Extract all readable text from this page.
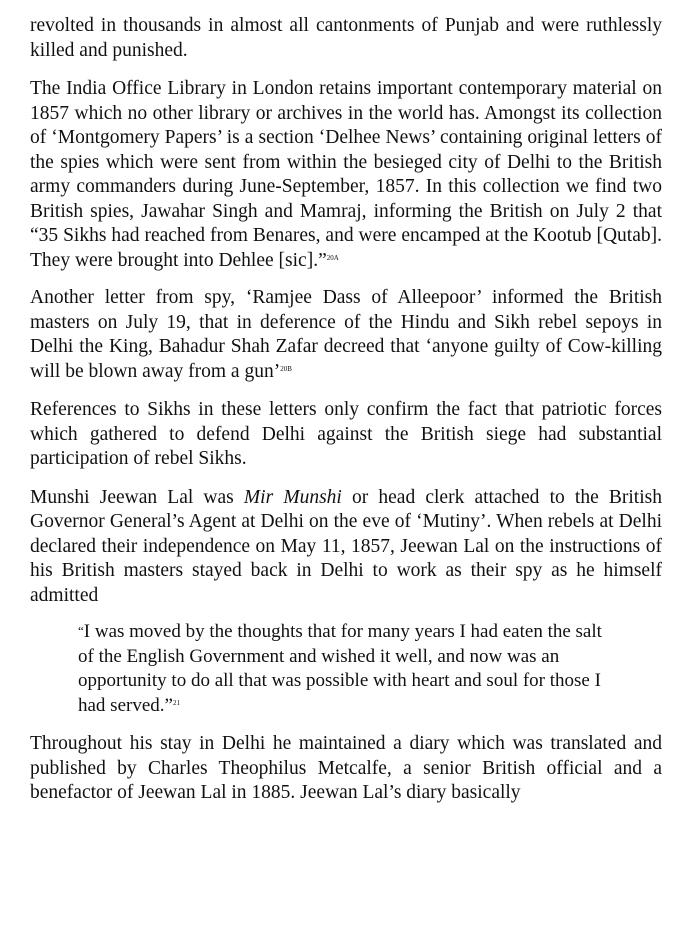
revolted in thousands in almost all cantonments of Punjab and were ruthlessly killed and punished.

The India Office Library in London retains important contemporary material on 1857 which no other library or archives in the world has. Amongst its collection of ‘Montgomery Papers’ is a section ‘Delhee News’ containing original letters of the spies which were sent from within the besieged city of Delhi to the British army commanders during June-September, 1857. In this collection we find two British spies, Jawahar Singh and Mamraj, informing the British on July 2 that “35 Sikhs had reached from Benares, and were encamped at the Kootub [Qutab]. They were brought into Dehlee [sic].”$^{20A}$

Another letter from spy, ‘Ramjee Dass of Alleepoor’ informed the British masters on July 19, that in deference of the Hindu and Sikh rebel sepoys in Delhi the King, Bahadur Shah Zafar decreed that ‘anyone guilty of Cow-killing will be blown away from a gun’$^{20B}$

References to Sikhs in these letters only confirm the fact that patriotic forces which gathered to defend Delhi against the British siege had substantial participation of rebel Sikhs.

Munshi Jeewan Lal was Mir Munshi or head clerk attached to the British Governor General’s Agent at Delhi on the eve of ‘Mutiny’. When rebels at Delhi declared their independence on May 11, 1857, Jeewan Lal on the instructions of his British masters stayed back in Delhi to work as their spy as he himself admitted

“I was moved by the thoughts that for many years I had eaten the salt of the English Government and wished it well, and now was an opportunity to do all that was possible with heart and soul for those I had served.”$^{21}$

Throughout his stay in Delhi he maintained a diary which was translated and published by Charles Theophilus Metcalfe, a senior British official and a benefactor of Jeewan Lal in 1885. Jeewan Lal’s diary basically
